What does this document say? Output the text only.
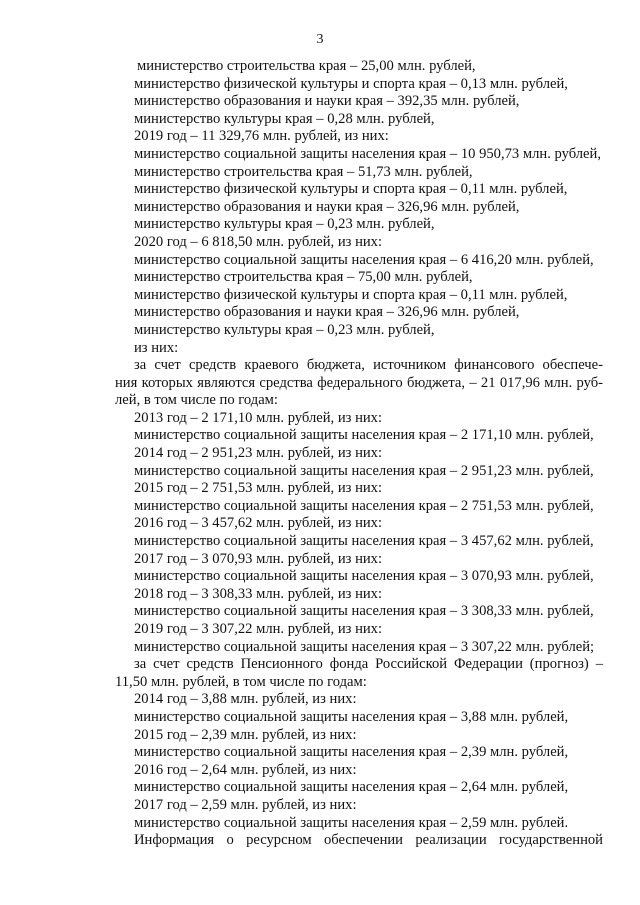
3
министерство строительства края – 25,00 млн. рублей,
министерство физической культуры и спорта края – 0,13 млн. рублей,
министерство образования и науки края – 392,35 млн. рублей,
министерство культуры края – 0,28 млн. рублей,
2019 год – 11 329,76 млн. рублей, из них:
министерство социальной защиты населения края – 10 950,73 млн. рублей,
министерство строительства края – 51,73 млн. рублей,
министерство физической культуры и спорта края – 0,11 млн. рублей,
министерство образования и науки края – 326,96 млн. рублей,
министерство культуры края – 0,23 млн. рублей,
2020 год – 6 818,50 млн. рублей, из них:
министерство социальной защиты населения края – 6 416,20 млн. рублей,
министерство строительства края – 75,00 млн. рублей,
министерство физической культуры и спорта края – 0,11 млн. рублей,
министерство образования и науки края – 326,96 млн. рублей,
министерство культуры края – 0,23 млн. рублей,
из них:
за счет средств краевого бюджета, источником финансового обеспече-
ния которых являются средства федерального бюджета, – 21 017,96 млн. руб-
лей, в том числе по годам:
2013 год – 2 171,10 млн. рублей, из них:
министерство социальной защиты населения края – 2 171,10 млн. рублей,
2014 год – 2 951,23 млн. рублей, из них:
министерство социальной защиты населения края – 2 951,23 млн. рублей,
2015 год – 2 751,53 млн. рублей, из них:
министерство социальной защиты населения края – 2 751,53 млн. рублей,
2016 год – 3 457,62 млн. рублей, из них:
министерство социальной защиты населения края – 3 457,62 млн. рублей,
2017 год – 3 070,93 млн. рублей, из них:
министерство социальной защиты населения края – 3 070,93 млн. рублей,
2018 год – 3 308,33 млн. рублей, из них:
министерство социальной защиты населения края – 3 308,33 млн. рублей,
2019 год – 3 307,22 млн. рублей, из них:
министерство социальной защиты населения края – 3 307,22 млн. рублей;
за счет средств Пенсионного фонда Российской Федерации (прогноз) –
11,50 млн. рублей, в том числе по годам:
2014 год – 3,88 млн. рублей, из них:
министерство социальной защиты населения края – 3,88 млн. рублей,
2015 год – 2,39 млн. рублей, из них:
министерство социальной защиты населения края – 2,39 млн. рублей,
2016 год – 2,64 млн. рублей, из них:
министерство социальной защиты населения края – 2,64 млн. рублей,
2017 год – 2,59 млн. рублей, из них:
министерство социальной защиты населения края – 2,59 млн. рублей.
Информация о ресурсном обеспечении реализации государственной
